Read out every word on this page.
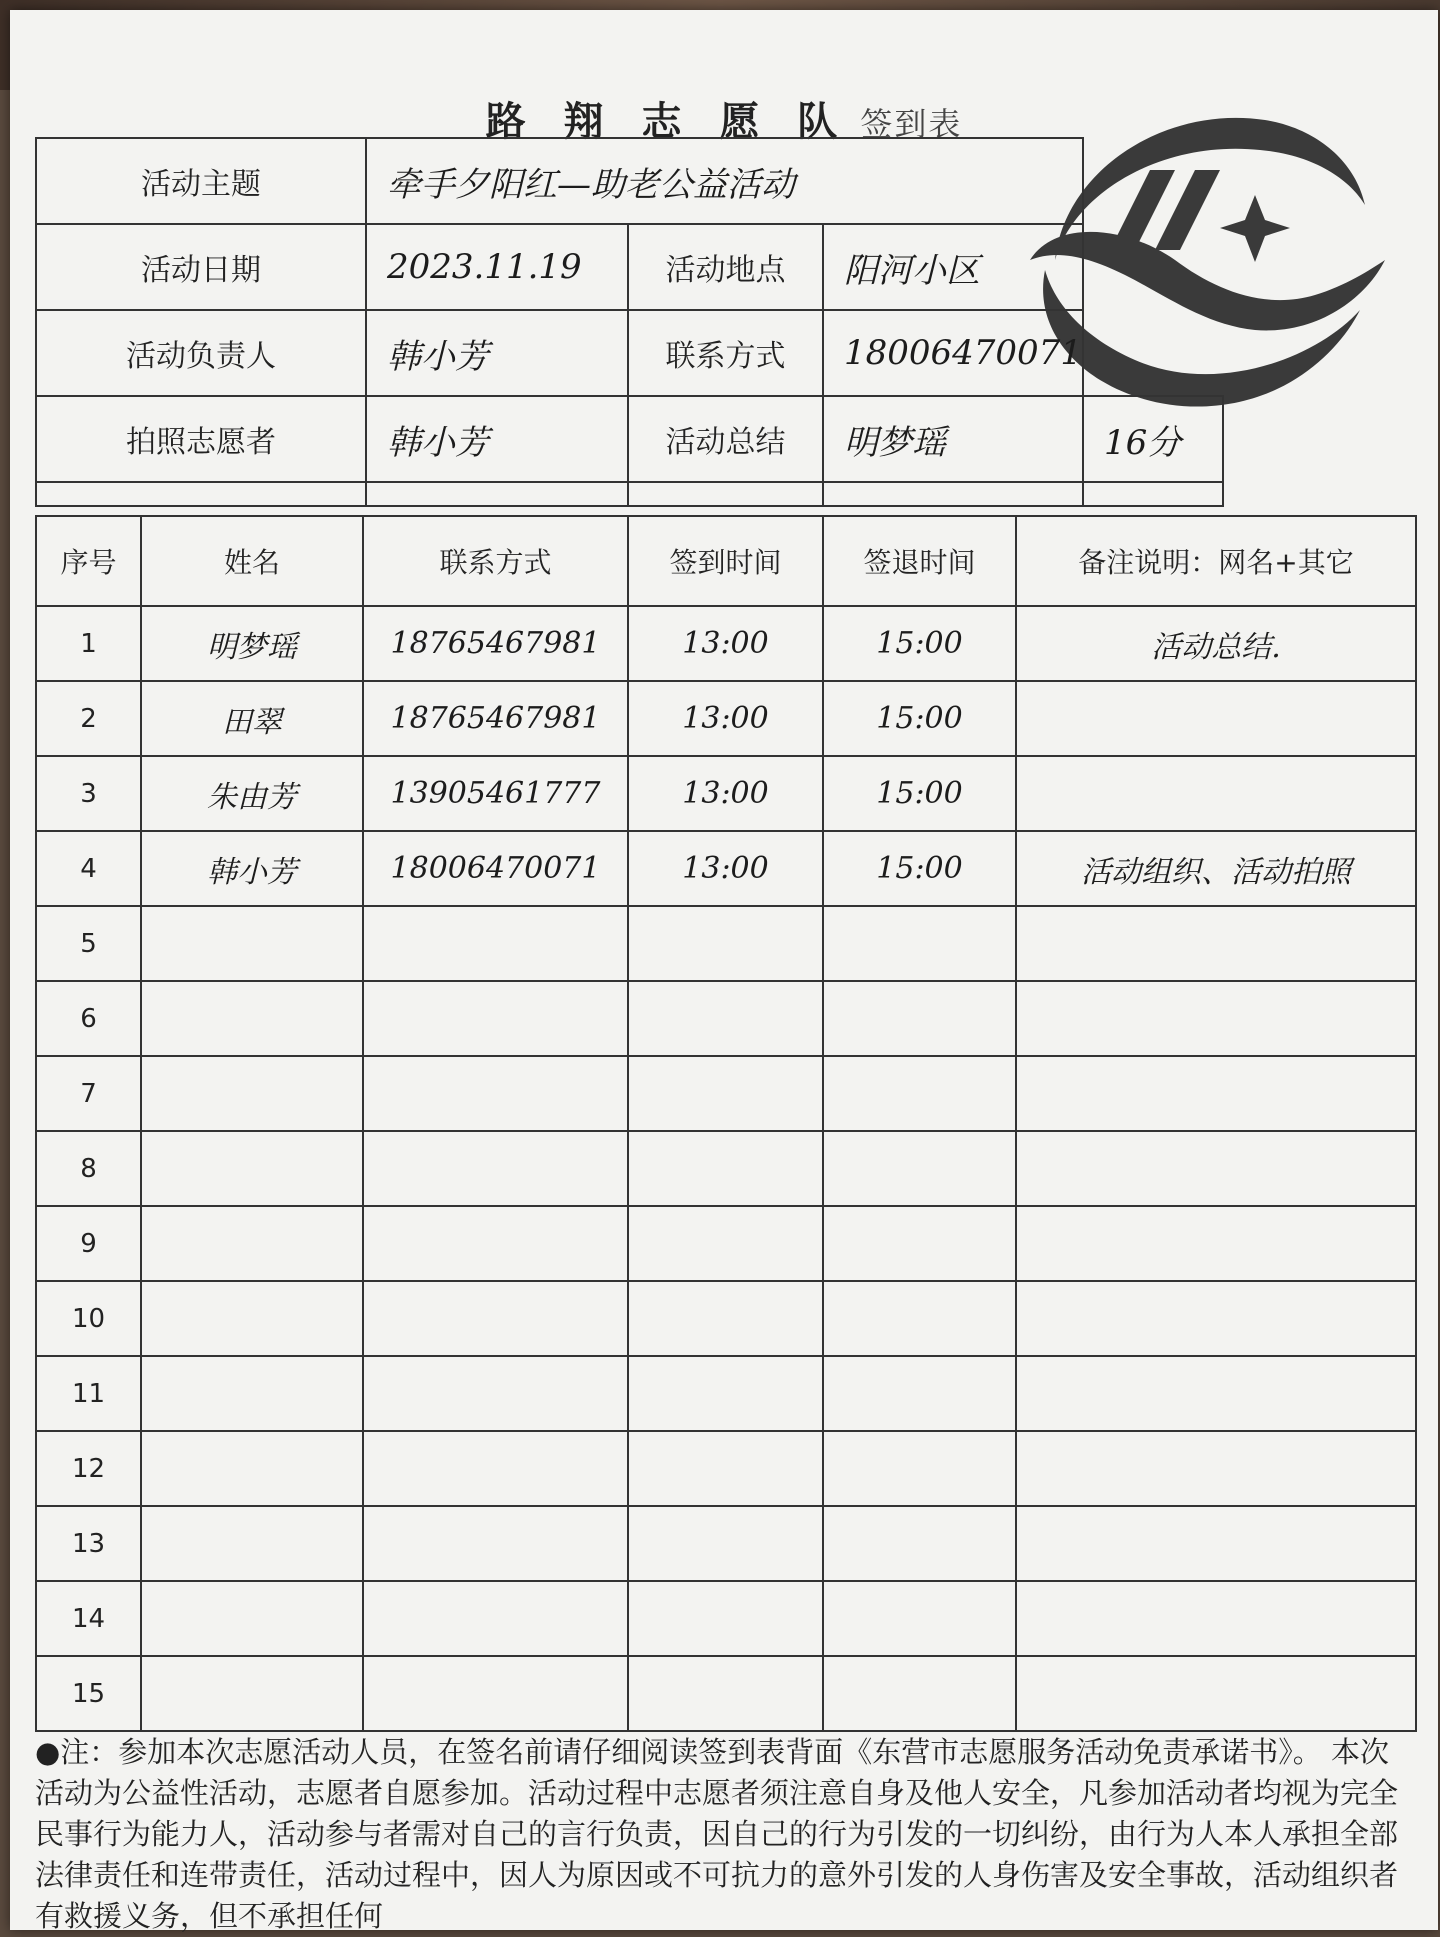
路 翔 志 愿 队 签到表
活动主题	牵手夕阳红—助老公益活动			
活动日期	2023.11.19	活动地点	阳河小区	
活动负责人	韩小芳	联系方式	18006470071	
拍照志愿者	韩小芳	活动总结	明梦瑶	16分

序号	姓名	联系方式	签到时间	签退时间	备注说明：网名+其它
1	明梦瑶	18765467981	13:00	15:00	活动总结.
2	田翠	18765467981	13:00	15:00	
3	朱由芳	13905461777	13:00	15:00	
4	韩小芳	18006470071	13:00	15:00	活动组织、活动拍照
5					
6					
7					
8					
9					
10					
11					
12					
13					
14					
15					
●注：参加本次志愿活动人员，在签名前请仔细阅读签到表背面《东营市志愿服务活动免责承诺书》。 本次活动为公益性活动，志愿者自愿参加。活动过程中志愿者须注意自身及他人安全，凡参加活动者均视为完全民事行为能力人，活动参与者需对自己的言行负责，因自己的行为引发的一切纠纷，由行为人本人承担全部法律责任和连带责任，活动过程中，因人为原因或不可抗力的意外引发的人身伤害及安全事故，活动组织者有救援义务，但不承担任何
